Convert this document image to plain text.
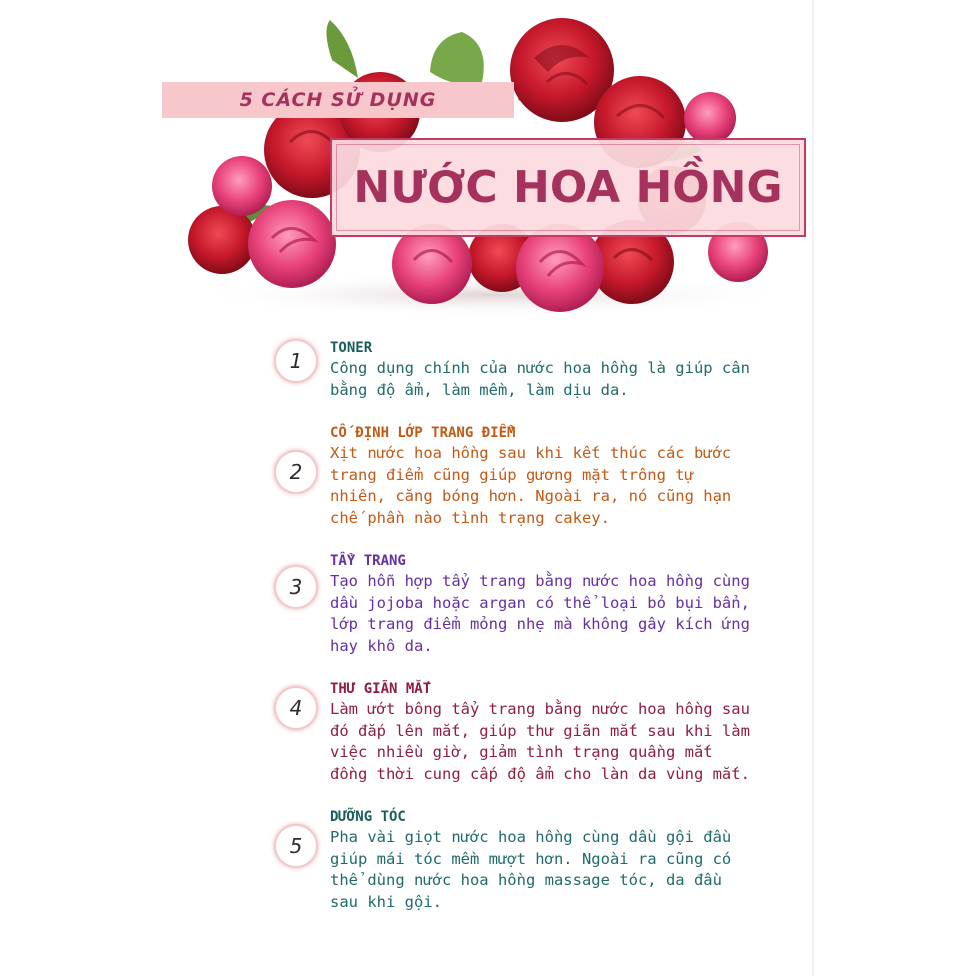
5 CÁCH SỬ DỤNG
NƯỚC HOA HỒNG
1
TONER
Công dụng chính của nước hoa hồng là giúp cân
bằng độ ẩm, làm mềm, làm dịu da.
2
CỐ ĐỊNH LỚP TRANG ĐIỂM
Xịt nước hoa hồng sau khi kết thúc các bước
trang điểm cũng giúp gương mặt trông tự
nhiên, căng bóng hơn. Ngoài ra, nó cũng hạn
chế phần nào tình trạng cakey.
3
TẨY TRANG
Tạo hỗn hợp tẩy trang bằng nước hoa hồng cùng
dầu jojoba hoặc argan có thể loại bỏ bụi bẩn,
lớp trang điểm mỏng nhẹ mà không gây kích ứng
hay khô da.
4
THƯ GIÃN MẮT
Làm ướt bông tẩy trang bằng nước hoa hồng sau
đó đắp lên mắt, giúp thư giãn mắt sau khi làm
việc nhiều giờ, giảm tình trạng quầng mắt
đồng thời cung cấp độ ẩm cho làn da vùng mắt.
5
DƯỠNG TÓC
Pha vài giọt nước hoa hồng cùng dầu gội đầu
giúp mái tóc mềm mượt hơn. Ngoài ra cũng có
thể dùng nước hoa hồng massage tóc, da đầu
sau khi gội.
